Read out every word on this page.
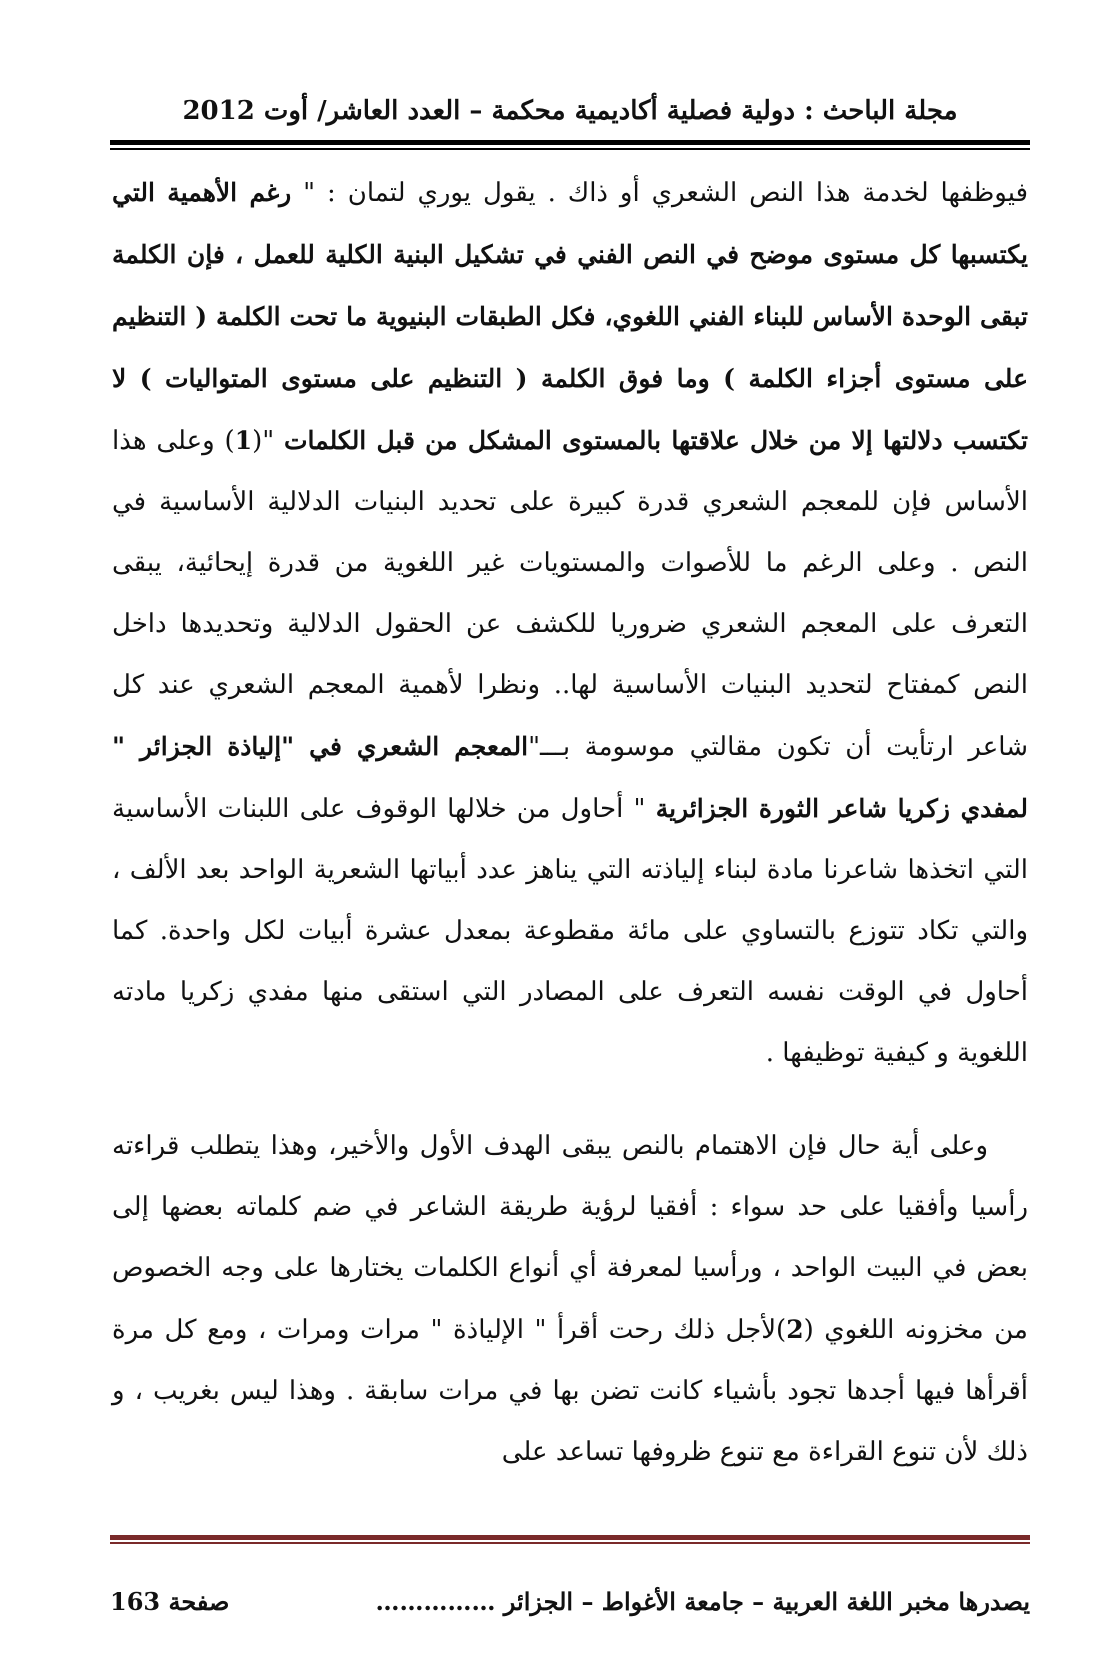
مجلة الباحث : دولية فصلية أكاديمية محكمة – العدد العاشر/ أوت 2012

فيوظفها لخدمة هذا النص الشعري أو ذاك . يقول يوري لتمان : " رغم الأهمية التي يكتسبها كل مستوى موضح في النص الفني في تشكيل البنية الكلية للعمل ، فإن الكلمة تبقى الوحدة الأساس للبناء الفني اللغوي، فكل الطبقات البنيوية ما تحت الكلمة ( التنظيم على مستوى أجزاء الكلمة ) وما فوق الكلمة ( التنظيم على مستوى المتواليات ) لا تكتسب دلالتها إلا من خلال علاقتها بالمستوى المشكل من قبل الكلمات "(1) وعلى هذا الأساس فإن للمعجم الشعري قدرة كبيرة على تحديد البنيات الدلالية الأساسية في النص . وعلى الرغم ما للأصوات والمستويات غير اللغوية من قدرة إيحائية، يبقى التعرف على المعجم الشعري ضروريا للكشف عن الحقول الدلالية وتحديدها داخل النص كمفتاح لتحديد البنيات الأساسية لها.. ونظرا لأهمية المعجم الشعري عند كل شاعر ارتأيت أن تكون مقالتي موسومة بـــ"المعجم الشعري في "إلياذة الجزائر " لمفدي زكريا شاعر الثورة الجزائرية " أحاول من خلالها الوقوف على اللبنات الأساسية التي اتخذها شاعرنا مادة لبناء إلياذته التي يناهز عدد أبياتها الشعرية الواحد بعد الألف ، والتي تكاد تتوزع بالتساوي على مائة مقطوعة بمعدل عشرة أبيات لكل واحدة. كما أحاول في الوقت نفسه التعرف على المصادر التي استقى منها مفدي زكريا مادته اللغوية و كيفية توظيفها .

وعلى أية حال فإن الاهتمام بالنص يبقى الهدف الأول والأخير، وهذا يتطلب قراءته رأسيا وأفقيا على حد سواء : أفقيا لرؤية طريقة الشاعر في ضم كلماته بعضها إلى بعض في البيت الواحد ، ورأسيا لمعرفة أي أنواع الكلمات يختارها على وجه الخصوص من مخزونه اللغوي (2)لأجل ذلك رحت أقرأ " الإلياذة " مرات ومرات ، ومع كل مرة أقرأها فيها أجدها تجود بأشياء كانت تضن بها في مرات سابقة . وهذا ليس بغريب ، و ذلك لأن تنوع القراءة مع تنوع ظروفها تساعد على

يصدرها مخبر اللغة العربية – جامعة الأغواط – الجزائر ……………
صفحة 163
